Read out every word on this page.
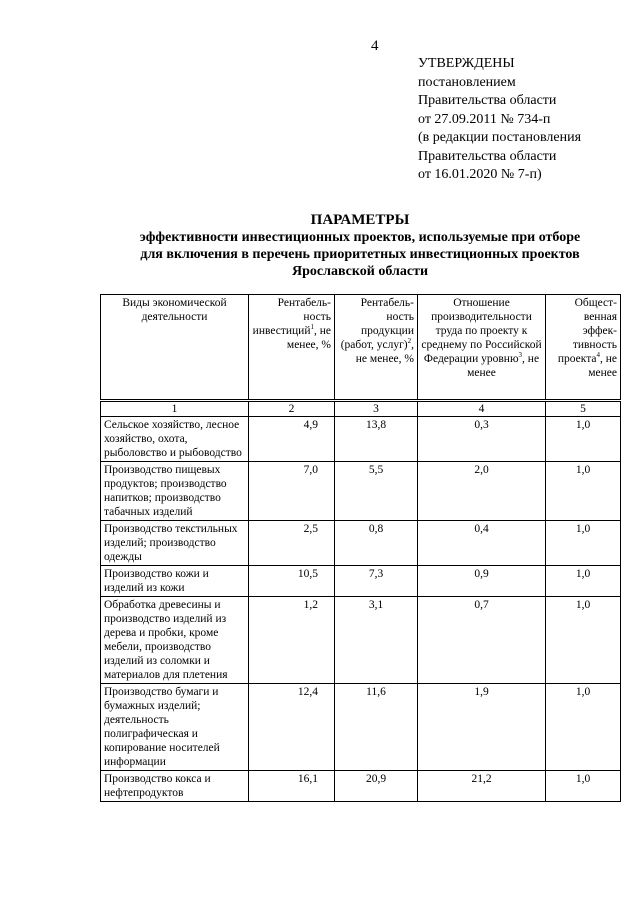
4
УТВЕРЖДЕНЫ
постановлением
Правительства области
от 27.09.2011 № 734-п
(в редакции постановления
Правительства области
от 16.01.2020 № 7-п)
ПАРАМЕТРЫ
эффективности инвестиционных проектов, используемые при отборе
для включения в перечень приоритетных инвестиционных проектов
Ярославской области
Виды экономической деятельности	Рентабель-ность инвестиций$^1$, не менее, %	Рентабель-ность продукции (работ, услуг)$^2$, не менее, %	Отношение производительности труда по проекту к среднему по Российской Федерации уровню$^3$, не менее	Общест-венная эффек-тивность проекта$^4$, не менее
1	2	3	4	5
Сельское хозяйство, лесное хозяйство, охота, рыболовство и рыбоводство	4,9	13,8	0,3	1,0
Производство пищевых продуктов; производство напитков; производство табачных изделий	7,0	5,5	2,0	1,0
Производство текстильных изделий; производство одежды	2,5	0,8	0,4	1,0
Производство кожи и изделий из кожи	10,5	7,3	0,9	1,0
Обработка древесины и производство изделий из дерева и пробки, кроме мебели, производство изделий из соломки и материалов для плетения	1,2	3,1	0,7	1,0
Производство бумаги и бумажных изделий; деятельность полиграфическая и копирование носителей информации	12,4	11,6	1,9	1,0
Производство кокса и нефтепродуктов	16,1	20,9	21,2	1,0
